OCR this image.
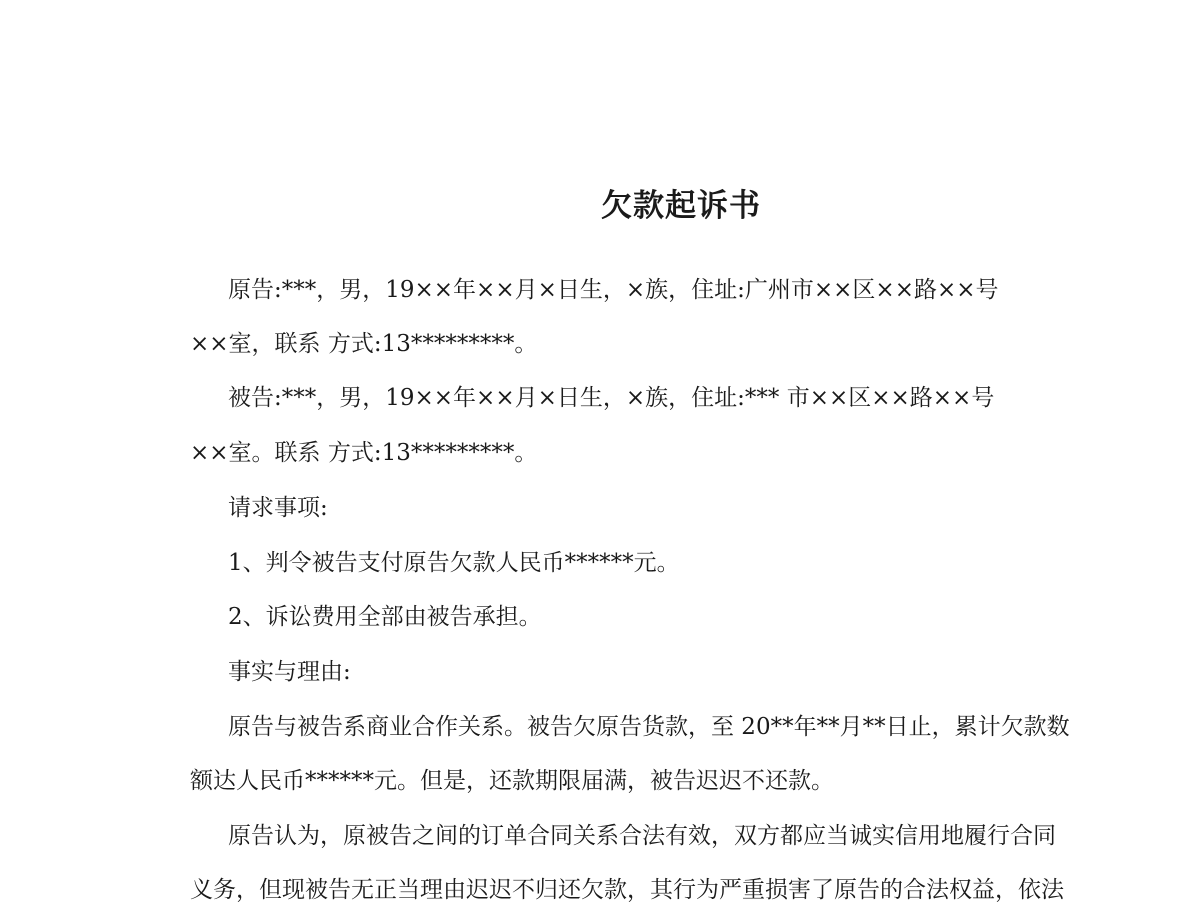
欠款起诉书

原告:***，男，19××年××月×日生，×族，住址:广州市××区××路××号

××室，联系 方式:13*********。

被告:***，男，19××年××月×日生，×族，住址:*** 市××区××路××号

××室。联系 方式:13*********。

请求事项:

1、判令被告支付原告欠款人民币******元。

2、诉讼费用全部由被告承担。

事实与理由:

原告与被告系商业合作关系。被告欠原告货款，至 20**年**月**日止，累计欠款数

额达人民币******元。但是，还款期限届满，被告迟迟不还款。

原告认为，原被告之间的订单合同关系合法有效，双方都应当诚实信用地履行合同

义务，但现被告无正当理由迟迟不归还欠款，其行为严重损害了原告的合法权益，依法
